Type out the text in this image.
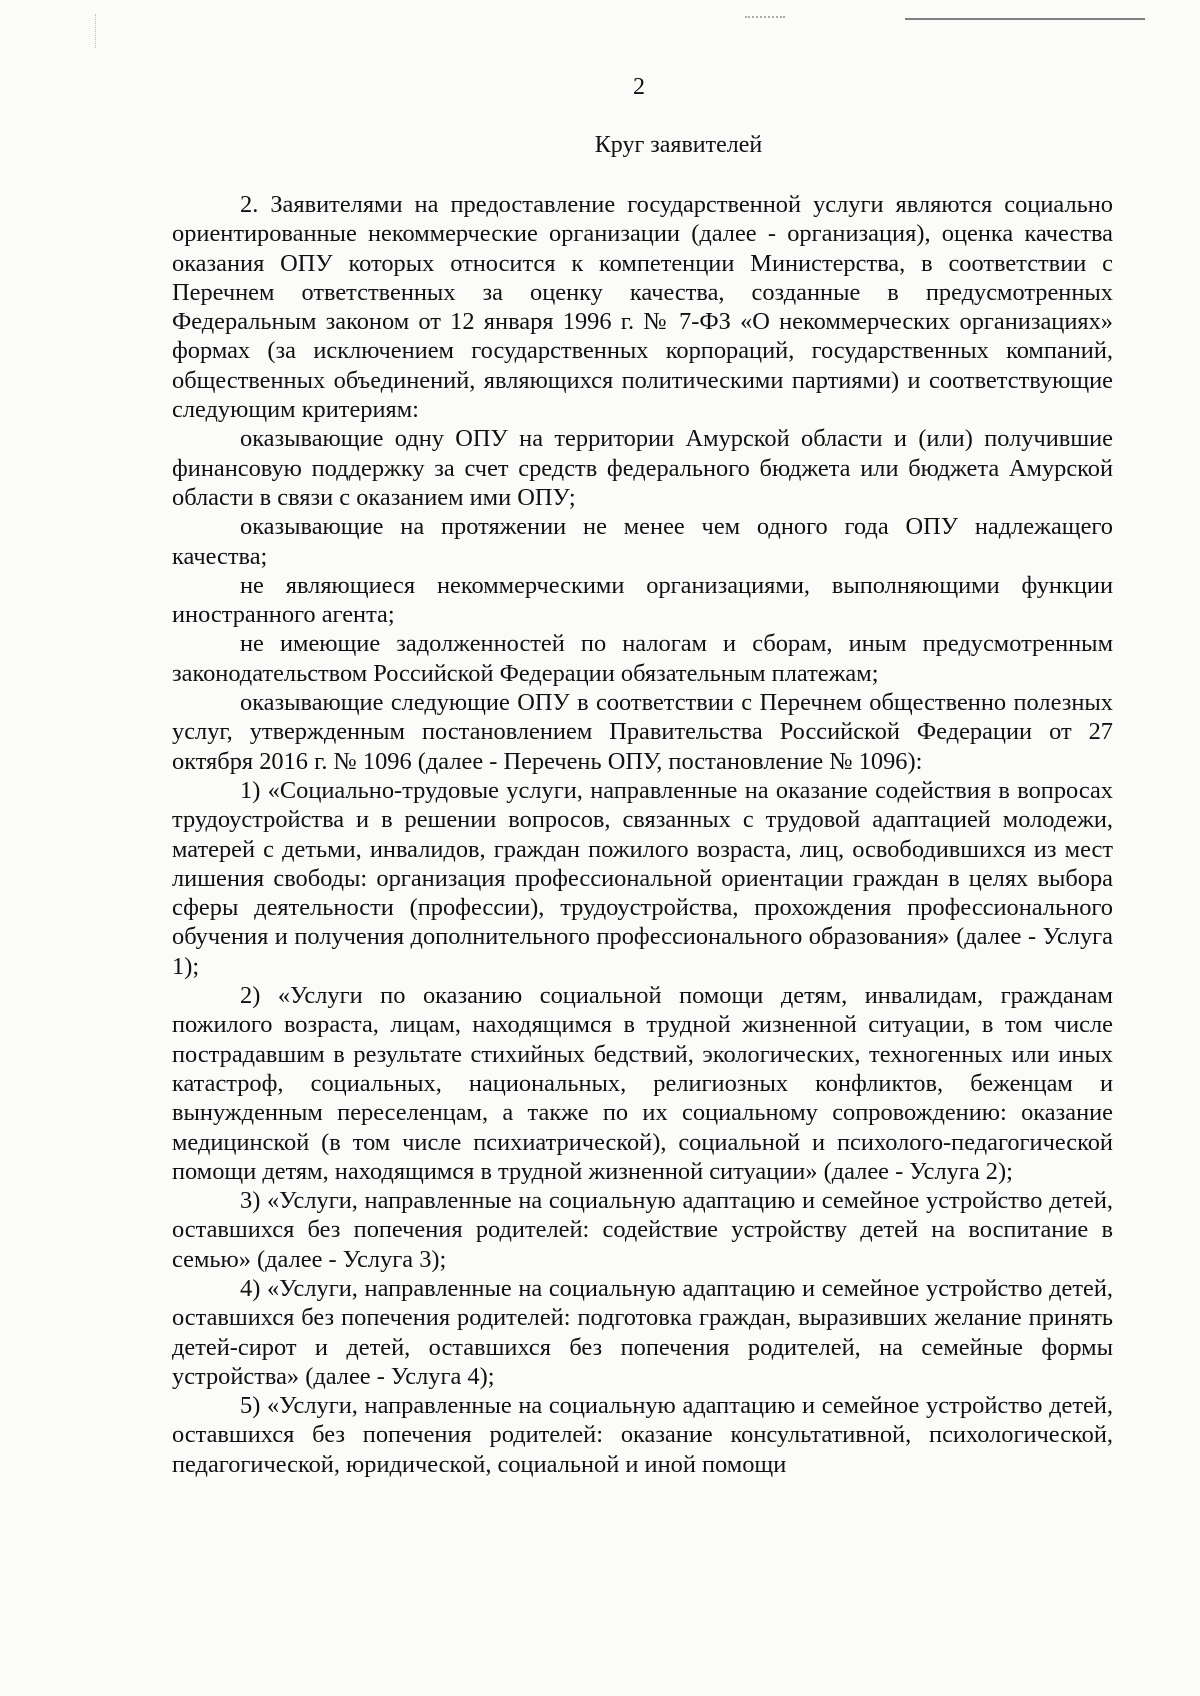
2
Круг заявителей

2. Заявителями на предоставление государственной услуги являются социально ориентированные некоммерческие организации (далее - организация), оценка качества оказания ОПУ которых относится к компетенции Министерства, в соответствии с Перечнем ответственных за оценку качества, созданные в предусмотренных Федеральным законом от 12 января 1996 г. № 7-ФЗ «О некоммерческих организациях» формах (за исключением государственных корпораций, государственных компаний, общественных объединений, являющихся политическими партиями) и соответствующие следующим критериям:

оказывающие одну ОПУ на территории Амурской области и (или) получившие финансовую поддержку за счет средств федерального бюджета или бюджета Амурской области в связи с оказанием ими ОПУ;

оказывающие на протяжении не менее чем одного года ОПУ надлежащего качества;

не являющиеся некоммерческими организациями, выполняющими функции иностранного агента;

не имеющие задолженностей по налогам и сборам, иным предусмотренным законодательством Российской Федерации обязательным платежам;

оказывающие следующие ОПУ в соответствии с Перечнем общественно полезных услуг, утвержденным постановлением Правительства Российской Федерации от 27 октября 2016 г. № 1096 (далее - Перечень ОПУ, постановление № 1096):

1) «Социально-трудовые услуги, направленные на оказание содействия в вопросах трудоустройства и в решении вопросов, связанных с трудовой адаптацией молодежи, матерей с детьми, инвалидов, граждан пожилого возраста, лиц, освободившихся из мест лишения свободы: организация профессиональной ориентации граждан в целях выбора сферы деятельности (профессии), трудоустройства, прохождения профессионального обучения и получения дополнительного профессионального образования» (далее - Услуга 1);

2) «Услуги по оказанию социальной помощи детям, инвалидам, гражданам пожилого возраста, лицам, находящимся в трудной жизненной ситуации, в том числе пострадавшим в результате стихийных бедствий, экологических, техногенных или иных катастроф, социальных, национальных, религиозных конфликтов, беженцам и вынужденным переселенцам, а также по их социальному сопровождению: оказание медицинской (в том числе психиатрической), социальной и психолого-педагогической помощи детям, находящимся в трудной жизненной ситуации» (далее - Услуга 2);

3) «Услуги, направленные на социальную адаптацию и семейное устройство детей, оставшихся без попечения родителей: содействие устройству детей на воспитание в семью» (далее - Услуга 3);

4) «Услуги, направленные на социальную адаптацию и семейное устройство детей, оставшихся без попечения родителей: подготовка граждан, выразивших желание принять детей-сирот и детей, оставшихся без попечения родителей, на семейные формы устройства» (далее - Услуга 4);

5) «Услуги, направленные на социальную адаптацию и семейное устройство детей, оставшихся без попечения родителей: оказание консультативной, психологической, педагогической, юридической, социальной и иной помощи
